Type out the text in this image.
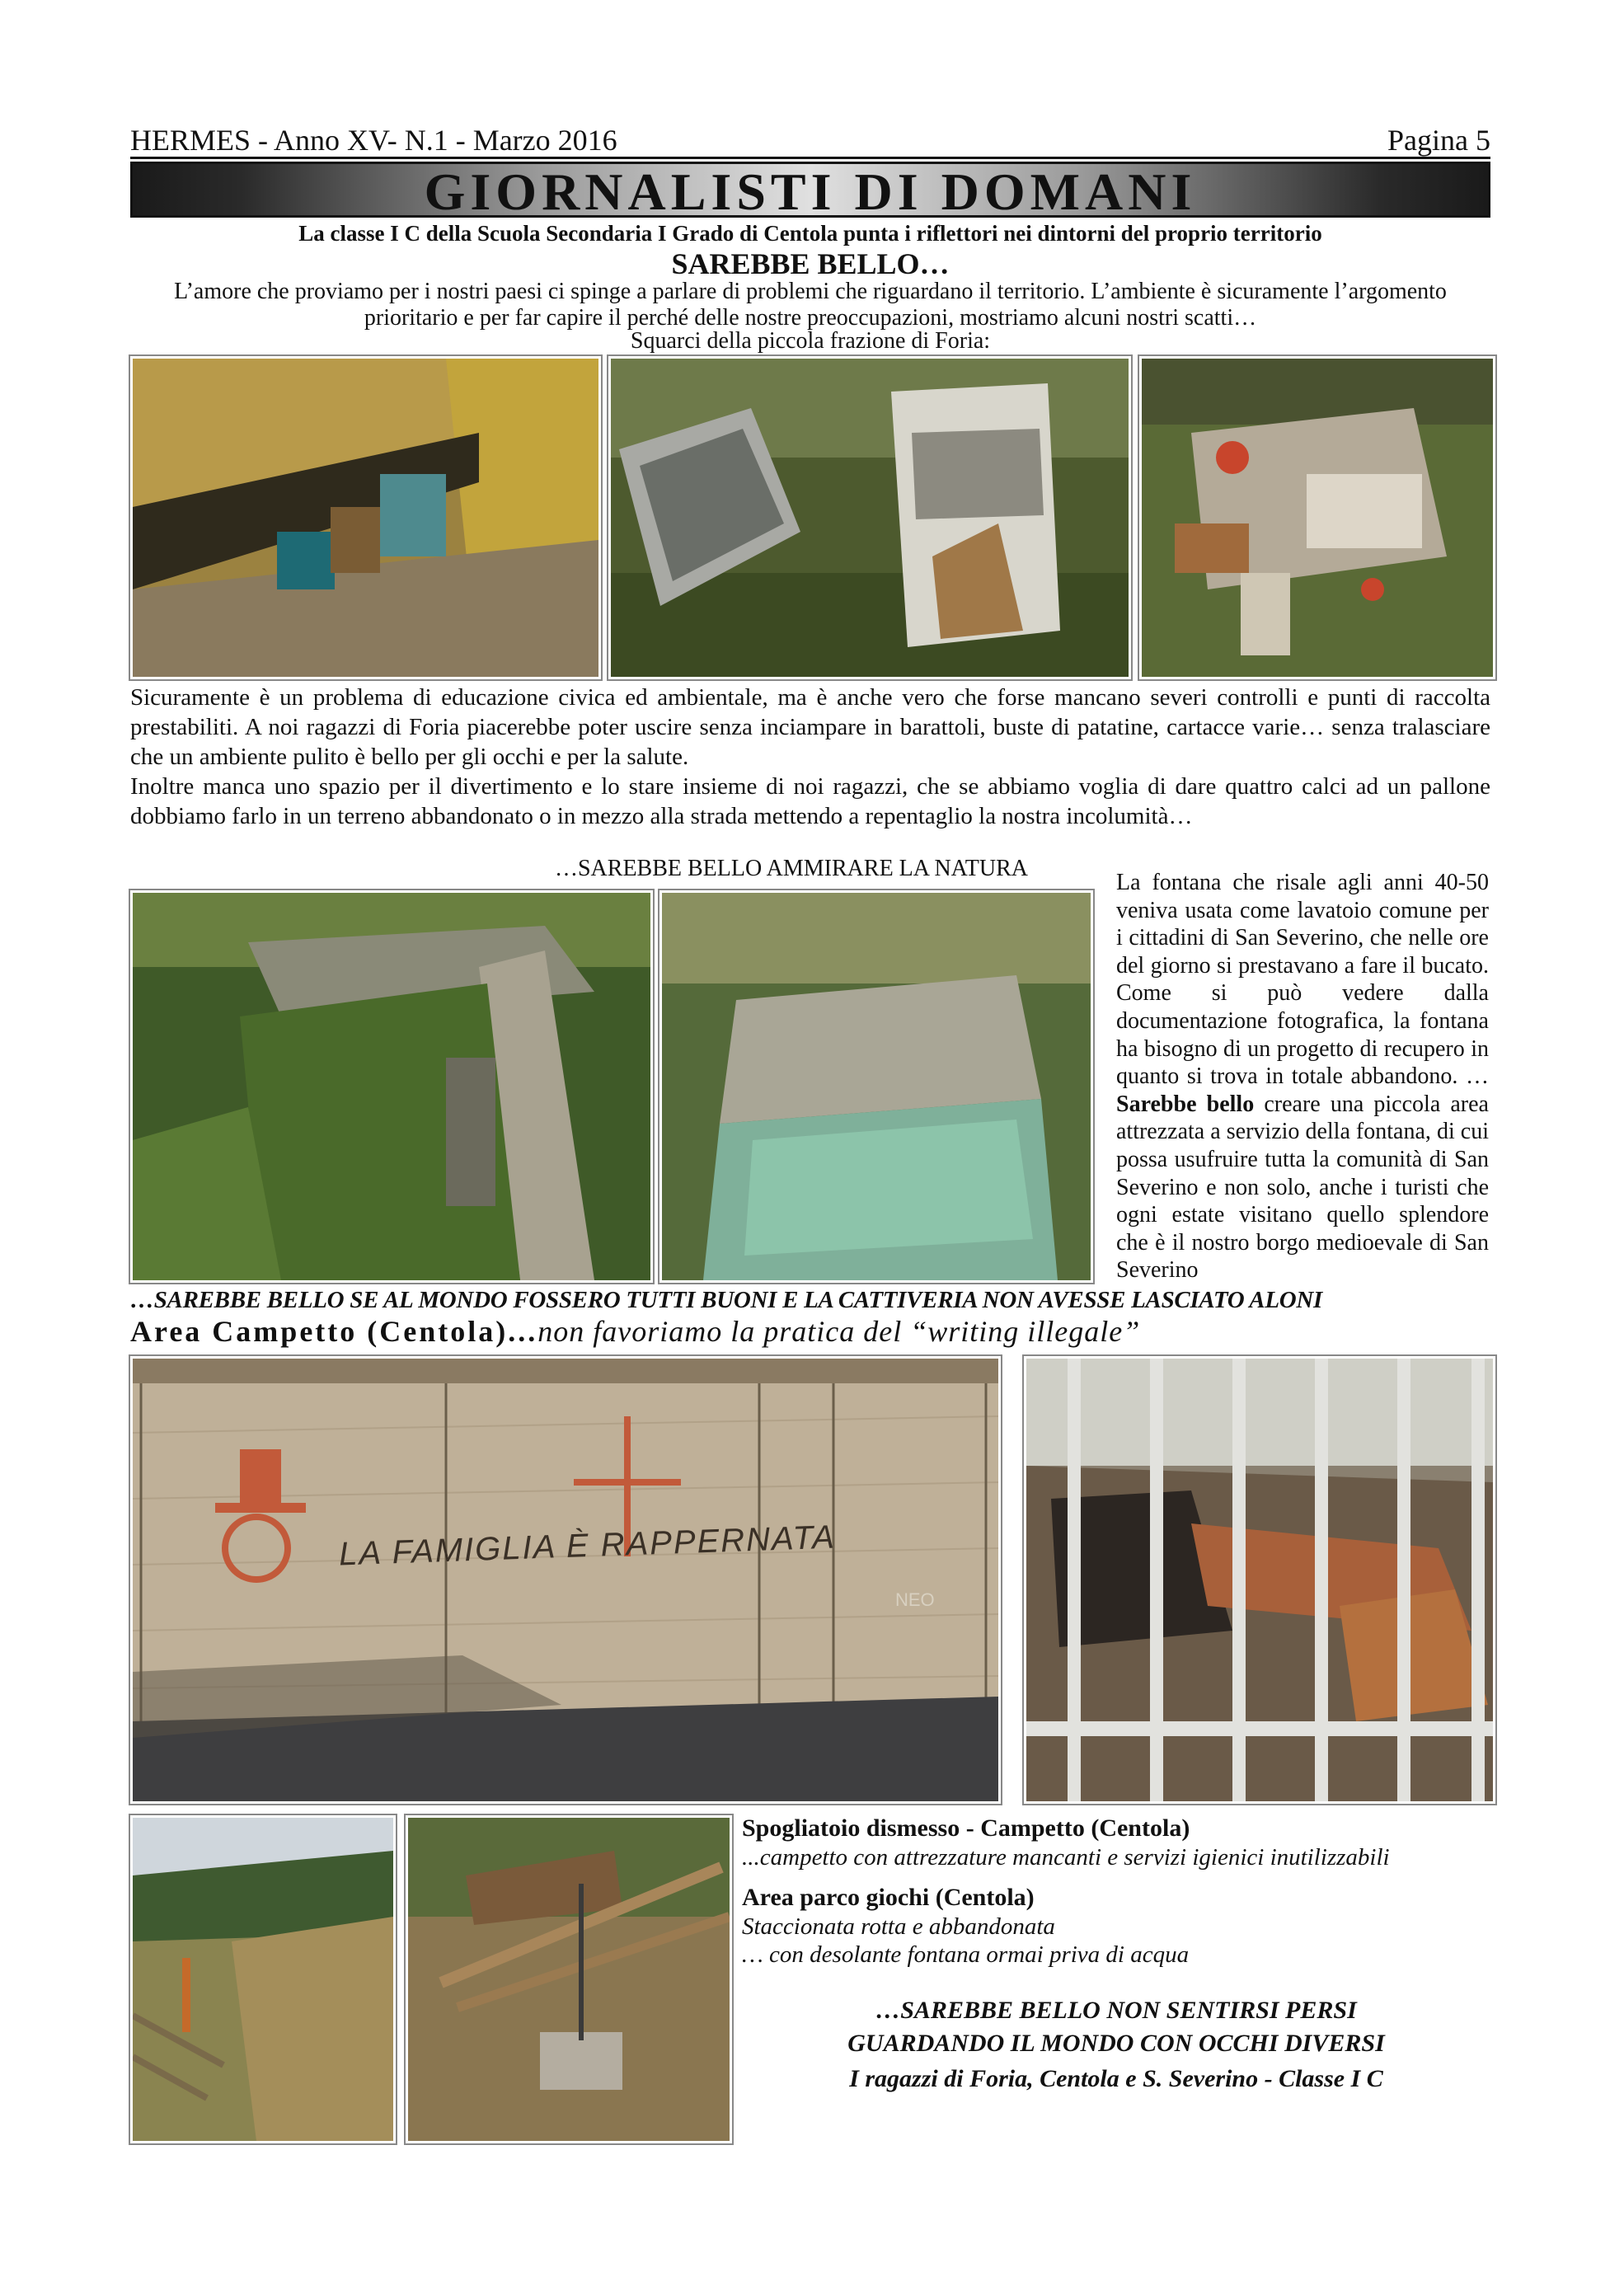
HERMES - Anno XV- N.1 - Marzo 2016	Pagina 5
GIORNALISTI DI DOMANI
La classe I C della Scuola Secondaria I Grado di Centola punta i riflettori nei dintorni del proprio territorio
SAREBBE BELLO…
L’amore che proviamo per i nostri paesi ci spinge a parlare di problemi che riguardano il territorio. L’ambiente è sicuramente l’argomento
prioritario e per far capire il perché delle nostre preoccupazioni, mostriamo alcuni nostri scatti…
Squarci della piccola frazione di Foria:
Sicuramente è un problema di educazione civica ed ambientale, ma è anche vero che forse mancano severi controlli e punti di raccolta prestabiliti. A noi ragazzi di Foria piacerebbe poter uscire senza inciampare in barattoli, buste di patatine, cartacce varie… senza tralasciare che un ambiente pulito è bello per gli occhi e per la salute.
Inoltre manca uno spazio per il divertimento e lo stare insieme di noi ragazzi, che se abbiamo voglia di dare quattro calci ad un pallone dobbiamo farlo in un terreno abbandonato o in mezzo alla strada mettendo a repentaglio la nostra incolumità…
…SAREBBE BELLO AMMIRARE LA NATURA
La fontana che risale agli anni 40-50 veniva usata come lavatoio comune per i cittadini di San Severino, che nelle ore del giorno si prestavano a fare il bucato. Come si può vedere dalla documentazione fotografica, la fontana ha bisogno di un progetto di recupero in quanto si trova in totale abbandono. …Sarebbe bello creare una piccola area attrezzata a servizio della fontana, di cui possa usufruire tutta la comunità di San Severino e non solo, anche i turisti che ogni estate visitano quello splendore che è il nostro borgo medioevale di San Severino
…SAREBBE BELLO SE AL MONDO FOSSERO TUTTI BUONI E LA CATTIVERIA NON AVESSE LASCIATO ALONI
Area Campetto (Centola)...non favoriamo la pratica del “writing illegale”
LA FAMIGLIA È RAPPERNATA
NEO
Spogliatoio dismesso - Campetto (Centola)
...campetto con attrezzature mancanti e servizi igienici inutilizzabili
Area parco giochi (Centola)
Staccionata rotta e abbandonata
… con desolante fontana ormai priva di acqua
…SAREBBE BELLO NON SENTIRSI PERSI
GUARDANDO IL MONDO CON OCCHI DIVERSI
I ragazzi di Foria, Centola e S. Severino - Classe I C
